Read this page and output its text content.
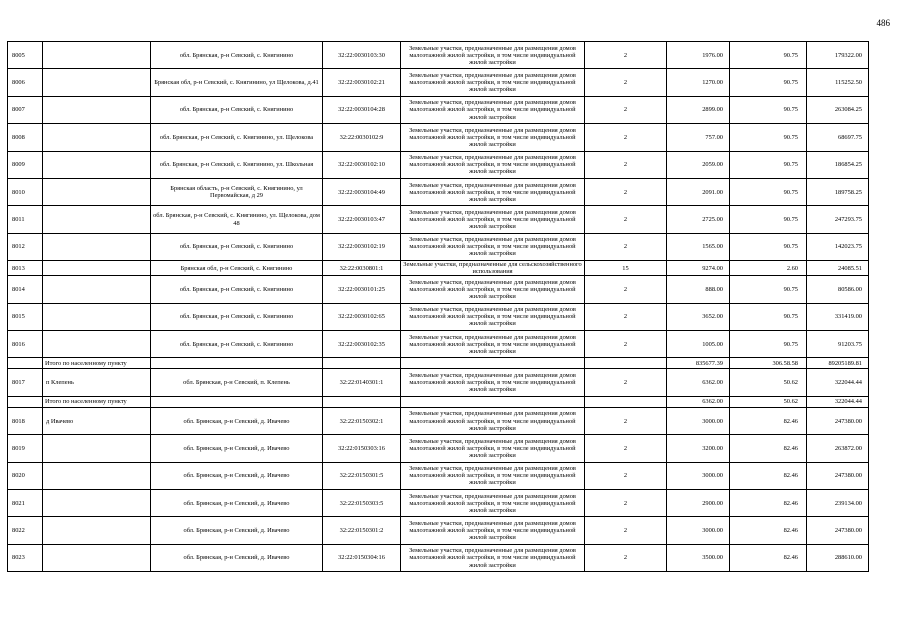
486
8005		обл. Брянская, р-н Севский, с. Княгинино	32:22:0030103:30	Земельные участки, предназначенные для размещения домов малоэтажной жилой застройки, в том числе индивидуальной жилой застройки	2	1976.00	90.75	179322.00
8006		Брянская обл, р-н Севский, с. Княгинино, ул Щелокова, д.41	32:22:0030102:21	Земельные участки, предназначенные для размещения домов малоэтажной жилой застройки, в том числе индивидуальной жилой застройки	2	1270.00	90.75	115252.50
8007		обл. Брянская, р-н Севский, с. Княгинино	32:22:0030104:28	Земельные участки, предназначенные для размещения домов малоэтажной жилой застройки, в том числе индивидуальной жилой застройки	2	2899.00	90.75	263084.25
8008		обл. Брянская, р-н Севский, с. Княгинино, ул. Щелокова	32:22:0030102:9	Земельные участки, предназначенные для размещения домов малоэтажной жилой застройки, в том числе индивидуальной жилой застройки	2	757.00	90.75	68697.75
8009		обл. Брянская, р-н Севский, с. Княгинино, ул. Школьная	32:22:0030102:10	Земельные участки, предназначенные для размещения домов малоэтажной жилой застройки, в том числе индивидуальной жилой застройки	2	2059.00	90.75	186854.25
8010		Брянская область, р-н Севский, с. Княгинино, ул Первомайская, д 29	32:22:0030104:49	Земельные участки, предназначенные для размещения домов малоэтажной жилой застройки, в том числе индивидуальной жилой застройки	2	2091.00	90.75	189758.25
8011		обл. Брянская, р-н Севский, с. Княгинино, ул. Щелокова, дом 48	32:22:0030103:47	Земельные участки, предназначенные для размещения домов малоэтажной жилой застройки, в том числе индивидуальной жилой застройки	2	2725.00	90.75	247293.75
8012		обл. Брянская, р-н Севский, с. Княгинино	32:22:0030102:19	Земельные участки, предназначенные для размещения домов малоэтажной жилой застройки, в том числе индивидуальной жилой застройки	2	1565.00	90.75	142023.75
8013		Брянская обл, р-н Севский, с. Княгинино	32:22:0030801:1	Земельные участки, предназначенные для сельскохозяйственного использования	15	9274.00	2.60	24085.51
8014		обл. Брянская, р-н Севский, с. Княгинино	32:22:0030101:25	Земельные участки, предназначенные для размещения домов малоэтажной жилой застройки, в том числе индивидуальной жилой застройки	2	888.00	90.75	80586.00
8015		обл. Брянская, р-н Севский, с. Княгинино	32:22:0030102:65	Земельные участки, предназначенные для размещения домов малоэтажной жилой застройки, в том числе индивидуальной жилой застройки	2	3652.00	90.75	331419.00
8016		обл. Брянская, р-н Севский, с. Княгинино	32:22:0030102:35	Земельные участки, предназначенные для размещения домов малоэтажной жилой застройки, в том числе индивидуальной жилой застройки	2	1005.00	90.75	91203.75
	Итого по населенному пункту					835677.39	306.58.58	89205189.81
8017	п Клепень	обл. Брянская, р-н Севский, п. Клепень	32:22:0140301:1	Земельные участки, предназначенные для размещения домов малоэтажной жилой застройки, в том числе индивидуальной жилой застройки	2	6362.00	50.62	322044.44
	Итого по населенному пункту					6362.00	50.62	322044.44
8018	д Ивачево	обл. Брянская, р-н Севский, д. Ивачево	32:22:0150302:1	Земельные участки, предназначенные для размещения домов малоэтажной жилой застройки, в том числе индивидуальной жилой застройки	2	3000.00	82.46	247380.00
8019		обл. Брянская, р-н Севский, д. Ивачево	32:22:0150303:16	Земельные участки, предназначенные для размещения домов малоэтажной жилой застройки, в том числе индивидуальной жилой застройки	2	3200.00	82.46	263872.00
8020		обл. Брянская, р-н Севский, д. Ивачево	32:22:0150301:5	Земельные участки, предназначенные для размещения домов малоэтажной жилой застройки, в том числе индивидуальной жилой застройки	2	3000.00	82.46	247380.00
8021		обл. Брянская, р-н Севский, д. Ивачево	32:22:0150303:5	Земельные участки, предназначенные для размещения домов малоэтажной жилой застройки, в том числе индивидуальной жилой застройки	2	2900.00	82.46	239134.00
8022		обл. Брянская, р-н Севский, д. Ивачево	32:22:0150301:2	Земельные участки, предназначенные для размещения домов малоэтажной жилой застройки, в том числе индивидуальной жилой застройки	2	3000.00	82.46	247380.00
8023		обл. Брянская, р-н Севский, д. Ивачево	32:22:0150304:16	Земельные участки, предназначенные для размещения домов малоэтажной жилой застройки, в том числе индивидуальной жилой застройки	2	3500.00	82.46	288610.00
